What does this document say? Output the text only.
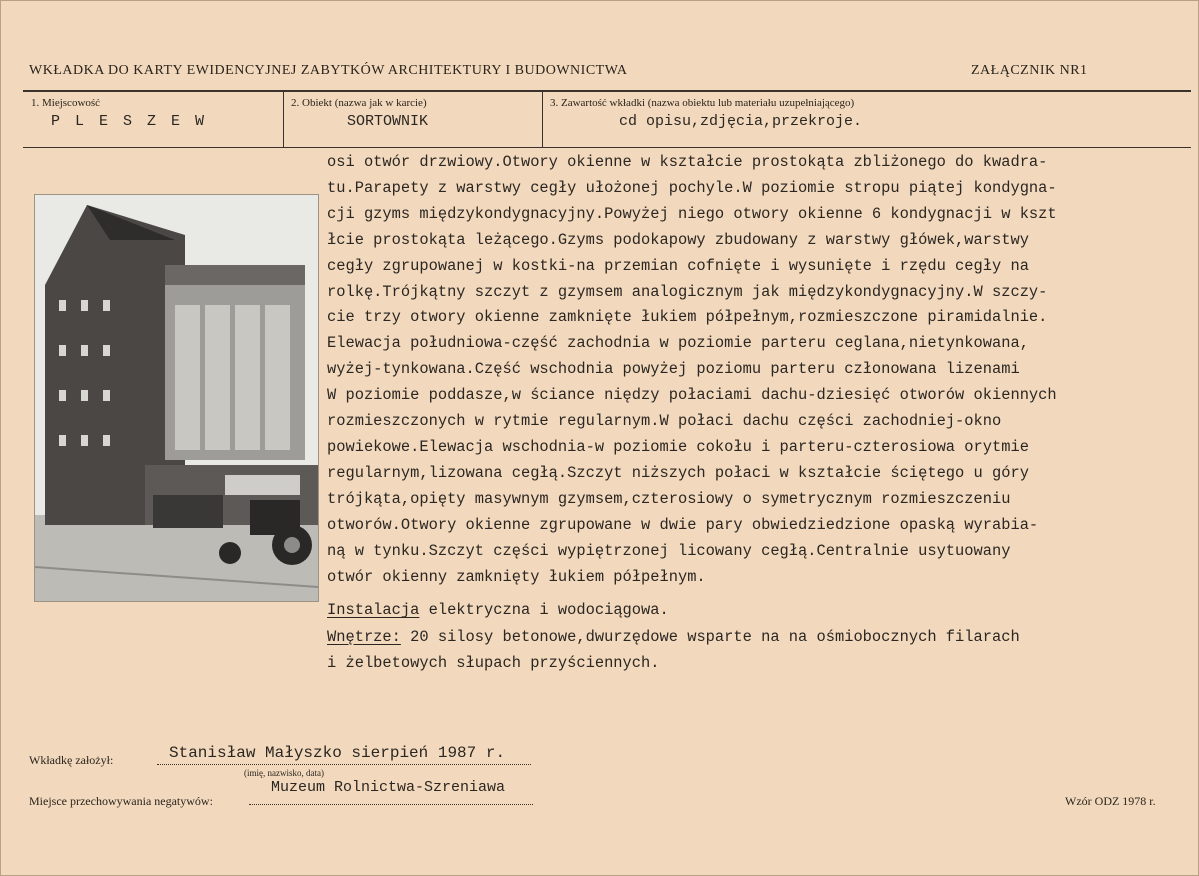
WKŁADKA DO KARTY EWIDENCYJNEJ ZABYTKÓW ARCHITEKTURY I BUDOWNICTWA	ZAŁĄCZNIK NR1
1. Miejscowość
P L E S Z E W
2. Obiekt (nazwa jak w karcie)
SORTOWNIK
3. Zawartość wkładki (nazwa obiektu lub materiału uzupełniającego)
cd opisu,zdjęcia,przekroje.
osi otwór drzwiowy.Otwory okienne w kształcie prostokąta zbliżonego do kwadra-
tu.Parapety z warstwy cegły ułożonej pochyle.W poziomie stropu piątej kondygna-
cji gzyms międzykondygnacyjny.Powyżej niego otwory okienne 6 kondygnacji w kszt
łcie prostokąta leżącego.Gzyms podokapowy zbudowany z warstwy główek,warstwy
cegły zgrupowanej w kostki-na przemian cofnięte i wysunięte i rzędu cegły na
rolkę.Trójkątny szczyt z gzymsem analogicznym jak międzykondygnacyjny.W szczy-
cie trzy otwory okienne zamknięte łukiem półpełnym,rozmieszczone piramidalnie.
Elewacja południowa-część zachodnia w poziomie parteru ceglana,nietynkowana,
wyżej-tynkowana.Część wschodnia powyżej poziomu parteru członowana lizenami
W poziomie poddasze,w ściance niędzy połaciami dachu-dziesięć otworów okiennych
rozmieszczonych w rytmie regularnym.W połaci dachu części zachodniej-okno
powiekowe.Elewacja wschodnia-w poziomie cokołu i parteru-czterosiowa orytmie
regularnym,lizowana cegłą.Szczyt niższych połaci w kształcie ściętego u góry
trójkąta,opięty masywnym gzymsem,czterosiowy o symetrycznym rozmieszczeniu
otworów.Otwory okienne zgrupowane w dwie pary obwiedziedzione opaską wyrabia-
ną w tynku.Szczyt części wypiętrzonej licowany cegłą.Centralnie usytuowany
otwór okienny zamknięty łukiem półpełnym.
Instalacja elektryczna i wodociągowa.
Wnętrze: 20 silosy betonowe,dwurzędowe wsparte na na ośmiobocznych filarach
i żelbetowych słupach przyściennych.
Wkładkę założył:	Stanisław Małyszko sierpień 1987 r.
(imię, nazwisko, data)
Miejsce przechowywania negatywów:
Muzeum Rolnictwa-Szreniawa
Wzór ODZ 1978 r.
